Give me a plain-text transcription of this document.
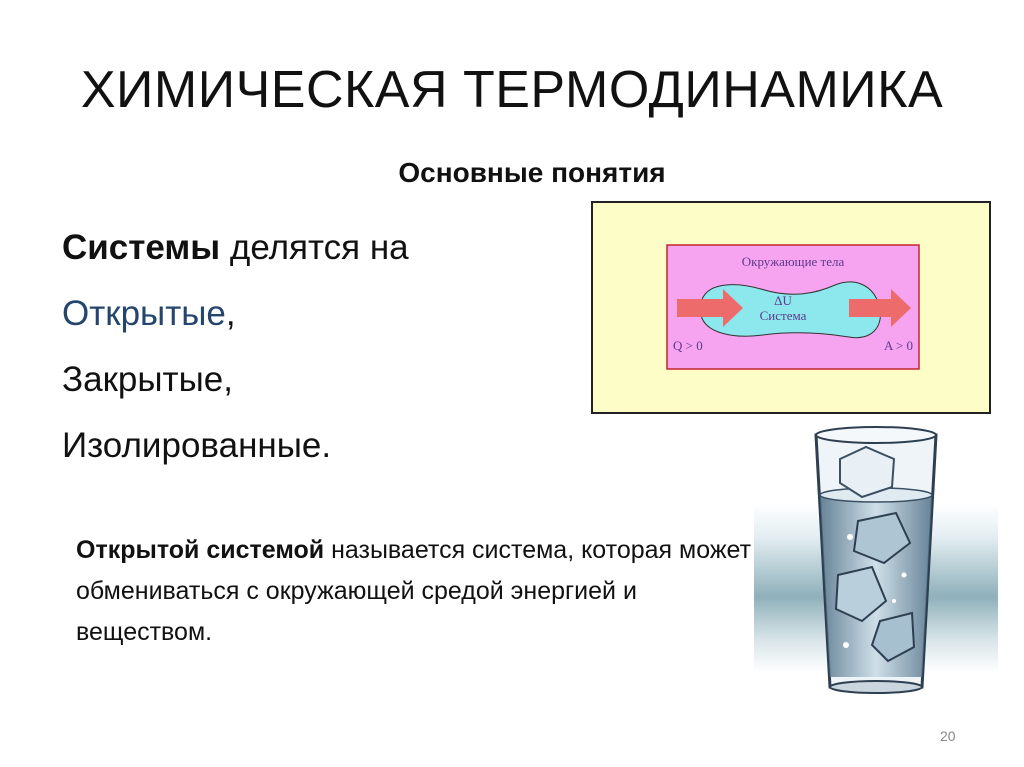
ХИМИЧЕСКАЯ ТЕРМОДИНАМИКА
Основные понятия
Системы делятся на
Открытые,
Закрытые,
Изолированные.
Открытой системой называется система, которая может обмениваться с окружающей средой энергией и веществом.
Окружающие тела
ΔU
Система
Q > 0	A > 0
20
